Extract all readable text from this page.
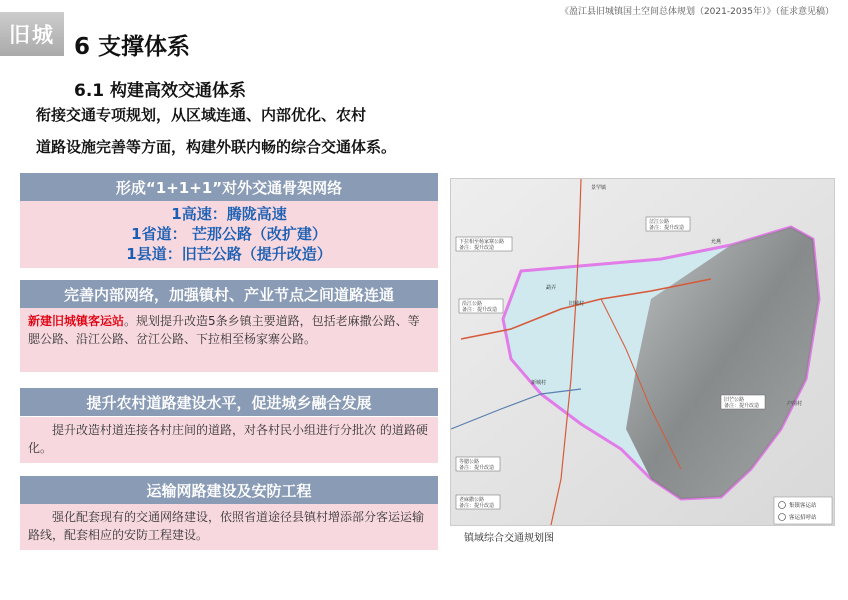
《盈江县旧城镇国土空间总体规划（2021-2035年）》（征求意见稿）
旧城 6 支撑体系
6.1 构建高效交通体系
衔接交通专项规划，从区域连通、内部优化、农村
道路设施完善等方面，构建外联内畅的综合交通体系。
形成“1+1+1”对外交通骨架网络
1高速：腾陇高速
1省道： 芒那公路（改扩建）
1县道：旧芒公路（提升改造）
完善内部网络，加强镇村、产业节点之间道路连通
新建旧城镇客运站。规划提升改造5条乡镇主要道路，包括老麻撒公路、等腮公路、沿江公路、岔江公路、下拉相至杨家寨公路。
提升农村道路建设水平，促进城乡融合发展
提升改造村道连接各村庄间的道路，对各村民小组进行分批次 的道路硬化。
运输网路建设及安防工程
强化配套现有的交通网络建设，依照省道途径县镇村增添部分客运运输路线，配套相应的安防工程建设。
下拉相至杨家寨公路
备注：提升改造
岔江公路
备注：提升改造
沿江公路
备注：提升改造
旧芒公路
备注：提升改造
等腮公路
备注：提升改造
老麻撒公路
备注：提升改造
景罕镇
旧城村
勐弄
允燕
户岗村
新城村
集镇客运站
客运招呼站
镇域综合交通规划图
